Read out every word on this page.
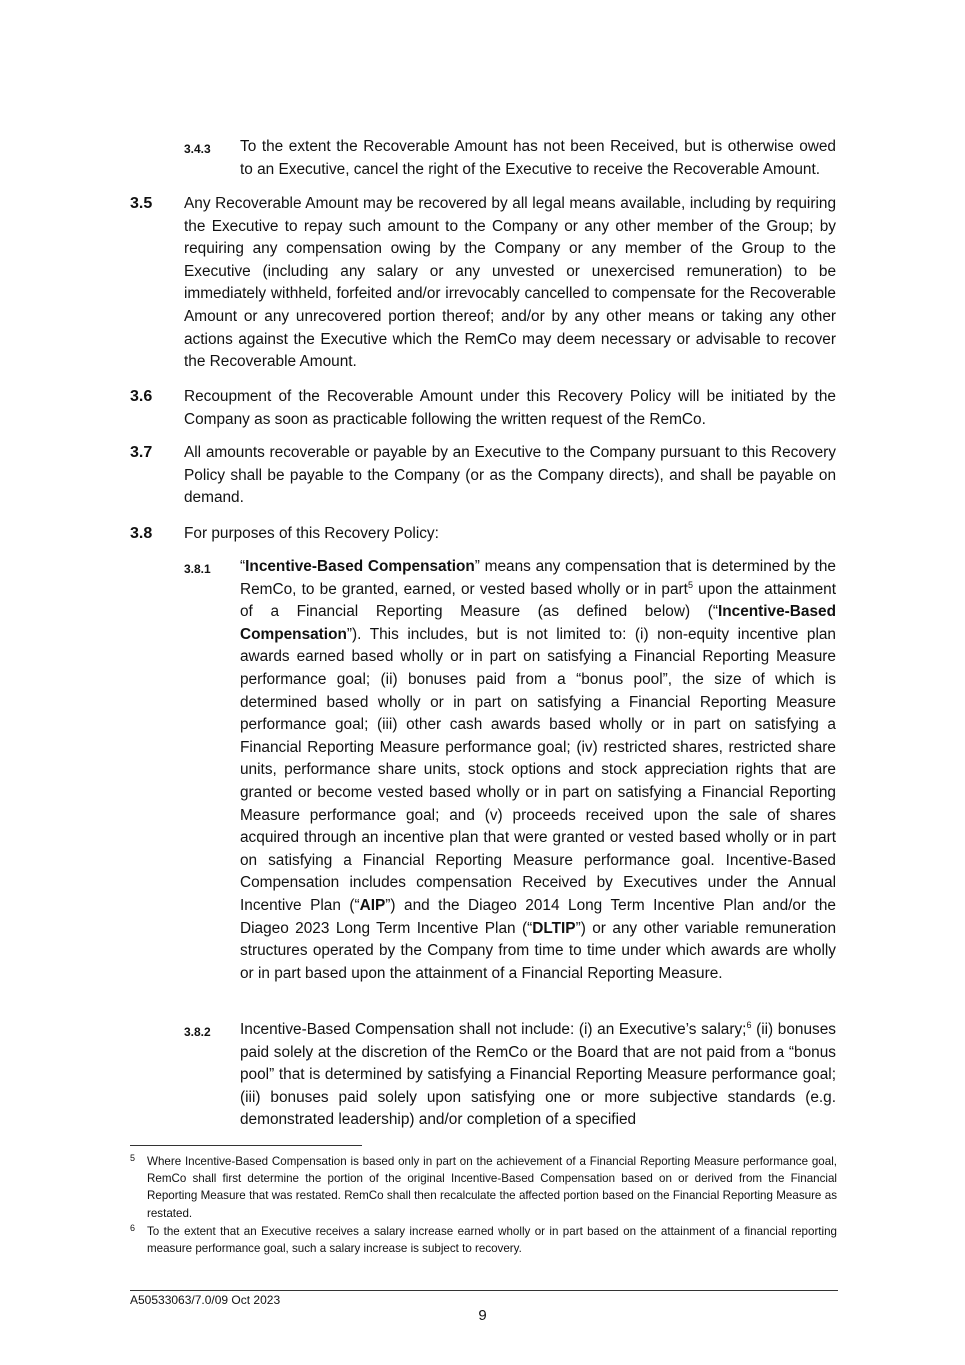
3.4.3 To the extent the Recoverable Amount has not been Received, but is otherwise owed to an Executive, cancel the right of the Executive to receive the Recoverable Amount.
3.5 Any Recoverable Amount may be recovered by all legal means available, including by requiring the Executive to repay such amount to the Company or any other member of the Group; by requiring any compensation owing by the Company or any member of the Group to the Executive (including any salary or any unvested or unexercised remuneration) to be immediately withheld, forfeited and/or irrevocably cancelled to compensate for the Recoverable Amount or any unrecovered portion thereof; and/or by any other means or taking any other actions against the Executive which the RemCo may deem necessary or advisable to recover the Recoverable Amount.
3.6 Recoupment of the Recoverable Amount under this Recovery Policy will be initiated by the Company as soon as practicable following the written request of the RemCo.
3.7 All amounts recoverable or payable by an Executive to the Company pursuant to this Recovery Policy shall be payable to the Company (or as the Company directs), and shall be payable on demand.
3.8 For purposes of this Recovery Policy:
3.8.1 “Incentive-Based Compensation” means any compensation that is determined by the RemCo, to be granted, earned, or vested based wholly or in part$^5$ upon the attainment of a Financial Reporting Measure (as defined below) (“Incentive-Based Compensation”). This includes, but is not limited to: (i) non-equity incentive plan awards earned based wholly or in part on satisfying a Financial Reporting Measure performance goal; (ii) bonuses paid from a “bonus pool”, the size of which is determined based wholly or in part on satisfying a Financial Reporting Measure performance goal; (iii) other cash awards based wholly or in part on satisfying a Financial Reporting Measure performance goal; (iv) restricted shares, restricted share units, performance share units, stock options and stock appreciation rights that are granted or become vested based wholly or in part on satisfying a Financial Reporting Measure performance goal; and (v) proceeds received upon the sale of shares acquired through an incentive plan that were granted or vested based wholly or in part on satisfying a Financial Reporting Measure performance goal. Incentive-Based Compensation includes compensation Received by Executives under the Annual Incentive Plan (“AIP”) and the Diageo 2014 Long Term Incentive Plan and/or the Diageo 2023 Long Term Incentive Plan (“DLTIP”) or any other variable remuneration structures operated by the Company from time to time under which awards are wholly or in part based upon the attainment of a Financial Reporting Measure.
3.8.2 Incentive-Based Compensation shall not include: (i) an Executive’s salary;$^6$ (ii) bonuses paid solely at the discretion of the RemCo or the Board that are not paid from a “bonus pool” that is determined by satisfying a Financial Reporting Measure performance goal; (iii) bonuses paid solely upon satisfying one or more subjective standards (e.g. demonstrated leadership) and/or completion of a specified
5 Where Incentive-Based Compensation is based only in part on the achievement of a Financial Reporting Measure performance goal, RemCo shall first determine the portion of the original Incentive-Based Compensation based on or derived from the Financial Reporting Measure that was restated. RemCo shall then recalculate the affected portion based on the Financial Reporting Measure as restated.
6 To the extent that an Executive receives a salary increase earned wholly or in part based on the attainment of a financial reporting measure performance goal, such a salary increase is subject to recovery.
A50533063/7.0/09 Oct 2023
9
